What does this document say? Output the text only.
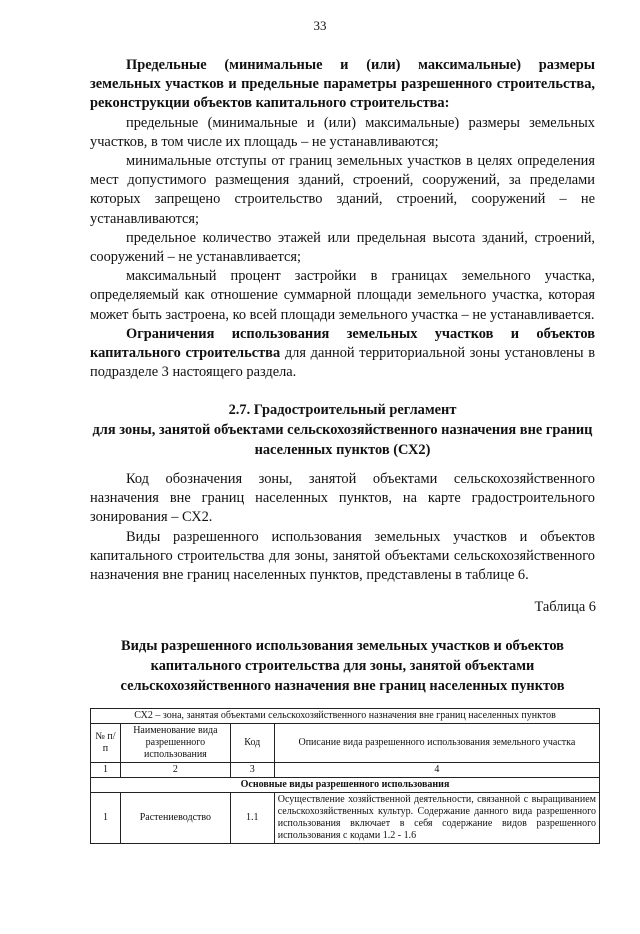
33

Предельные (минимальные и (или) максимальные) размеры земельных участков и предельные параметры разрешенного строительства, реконструкции объектов капитального строительства:

предельные (минимальные и (или) максимальные) размеры земельных участков, в том числе их площадь – не устанавливаются;

минимальные отступы от границ земельных участков в целях определения мест допустимого размещения зданий, строений, сооружений, за пределами которых запрещено строительство зданий, строений, сооружений – не устанавливаются;

предельное количество этажей или предельная высота зданий, строений, сооружений – не устанавливается;

максимальный процент застройки в границах земельного участка, определяемый как отношение суммарной площади земельного участка, которая может быть застроена, ко всей площади земельного участка – не устанавливается.

Ограничения использования земельных участков и объектов капитального строительства для данной территориальной зоны установлены в подразделе 3 настоящего раздела.

2.7. Градостроительный регламент

для зоны, занятой объектами сельскохозяйственного назначения вне границ населенных пунктов (СХ2)

Код обозначения зоны, занятой объектами сельскохозяйственного назначения вне границ населенных пунктов, на карте градостроительного зонирования – СХ2.

Виды разрешенного использования земельных участков и объектов капитального строительства для зоны, занятой объектами сельскохозяйственного назначения вне границ населенных пунктов, представлены в таблице 6.

Таблица 6
Виды разрешенного использования земельных участков и объектов капитального строительства для зоны, занятой объектами сельскохозяйственного назначения вне границ населенных пунктов
СХ2 – зона, занятая объектами сельскохозяйственного назначения вне границ населенных пунктов			
№ п/п	Наименование вида разрешенного использования	Код	Описание вида разрешенного использования земельного участка
1	2	3	4
Основные виды разрешенного использования			
1	Растениеводство	1.1	Осуществление хозяйственной деятельности, связанной с выращиванием сельскохозяйственных культур. Содержание данного вида разрешенного использования включает в себя содержание видов разрешенного использования с кодами 1.2 - 1.6
